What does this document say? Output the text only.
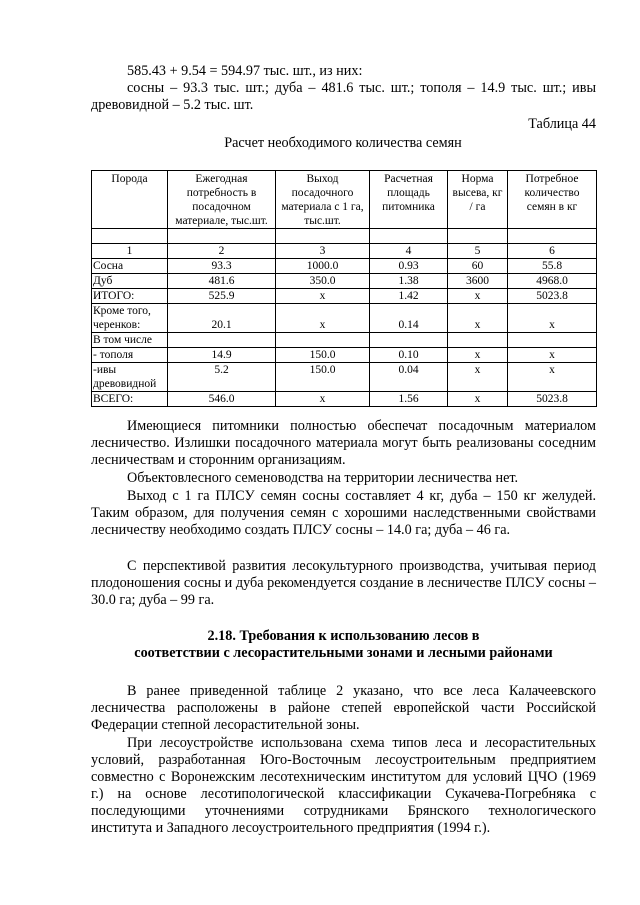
585.43 + 9.54 = 594.97 тыс. шт., из них:
сосны – 93.3 тыс. шт.; дуба – 481.6 тыс. шт.; тополя – 14.9 тыс. шт.; ивы древовидной – 5.2 тыс. шт.
Таблица 44
Расчет необходимого количества семян
Порода	Ежегодная потребность в посадочном материале, тыс.шт.	Выход посадочного материала с 1 га, тыс.шт.	Расчетная площадь питомника	Норма высева, кг / га	Потребное количество семян в кг

1	2	3	4	5	6
Сосна	93.3	1000.0	0.93	60	55.8
Дуб	481.6	350.0	1.38	3600	4968.0
ИТОГО:	525.9	х	1.42	х	5023.8
Кроме того, черенков:	20.1	х	0.14	х	х
В том числе					
- тополя	14.9	150.0	0.10	х	х
-ивы древовидной	5.2	150.0	0.04	х	х
ВСЕГО:	546.0	х	1.56	х	5023.8
Имеющиеся питомники полностью обеспечат посадочным материалом лесничество. Излишки посадочного материала могут быть реализованы соседним лесничествам и сторонним организациям.
Объектовлесного семеноводства на территории лесничества нет.
Выход с 1 га ПЛСУ семян сосны составляет 4 кг, дуба – 150 кг желудей. Таким образом, для получения семян с хорошими наследственными свойствами лесничеству необходимо создать ПЛСУ сосны – 14.0 га; дуба – 46 га.
С перспективой развития лесокультурного производства, учитывая период плодоношения сосны и дуба рекомендуется создание в лесничестве ПЛСУ сосны – 30.0 га; дуба – 99 га.
2.18. Требования к использованию лесов в
соответствии с лесорастительными зонами и лесными районами
В ранее приведенной таблице 2 указано, что все леса Калачеевского лесничества расположены в районе степей европейской части Российской Федерации степной лесорастительной зоны.
При лесоустройстве использована схема типов леса и лесорастительных условий, разработанная Юго-Восточным лесоустроительным предприятием совместно с Воронежским лесотехническим институтом для условий ЦЧО (1969 г.) на основе лесотипологической классификации Сукачева-Погребняка с последующими уточнениями сотрудниками Брянского технологического института и Западного лесоустроительного предприятия (1994 г.).
